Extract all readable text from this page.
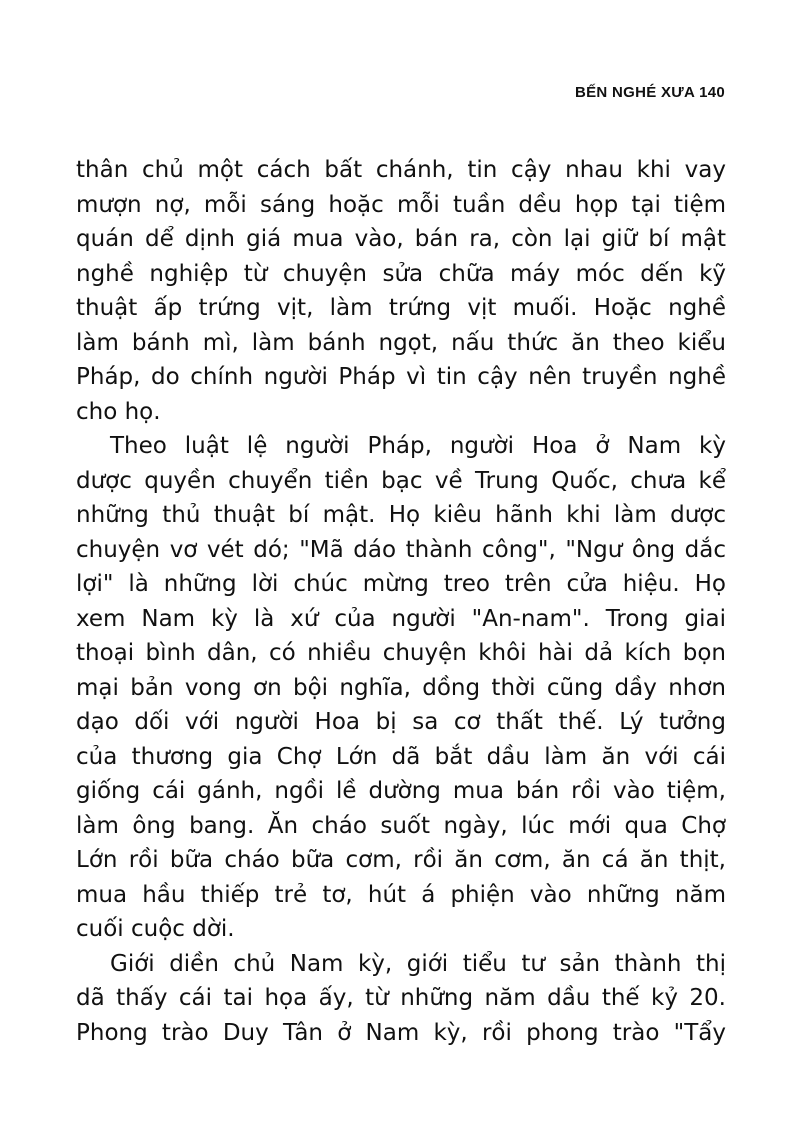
BẾN NGHÉ XƯA 140
thân chủ một cách bất chánh, tin cậy nhau khi vay
mượn nợ, mỗi sáng hoặc mỗi tuần dều họp tại tiệm
quán dể dịnh giá mua vào, bán ra, còn lại giữ bí mật
nghề nghiệp từ chuyện sửa chữa máy móc dến kỹ
thuật ấp trứng vịt, làm trứng vịt muối. Hoặc nghề
làm bánh mì, làm bánh ngọt, nấu thức ăn theo kiểu
Pháp, do chính người Pháp vì tin cậy nên truyền nghề
cho họ.
Theo luật lệ người Pháp, người Hoa ở Nam kỳ
dược quyền chuyển tiền bạc về Trung Quốc, chưa kể
những thủ thuật bí mật. Họ kiêu hãnh khi làm dược
chuyện vơ vét dó; "Mã dáo thành công", "Ngư ông dắc
lợi" là những lời chúc mừng treo trên cửa hiệu. Họ
xem Nam kỳ là xứ của người "An-nam". Trong giai
thoại bình dân, có nhiều chuyện khôi hài dả kích bọn
mại bản vong ơn bội nghĩa, dồng thời cũng dầy nhơn
dạo dối với người Hoa bị sa cơ thất thế. Lý tưởng
của thương gia Chợ Lớn dã bắt dầu làm ăn với cái
giống cái gánh, ngồi lề dường mua bán rồi vào tiệm,
làm ông bang. Ăn cháo suốt ngày, lúc mới qua Chợ
Lớn rồi bữa cháo bữa cơm, rồi ăn cơm, ăn cá ăn thịt,
mua hầu thiếp trẻ tơ, hút á phiện vào những năm
cuối cuộc dời.
Giới diền chủ Nam kỳ, giới tiểu tư sản thành thị
dã thấy cái tai họa ấy, từ những năm dầu thế kỷ 20.
Phong trào Duy Tân ở Nam kỳ, rồi phong trào "Tẩy
